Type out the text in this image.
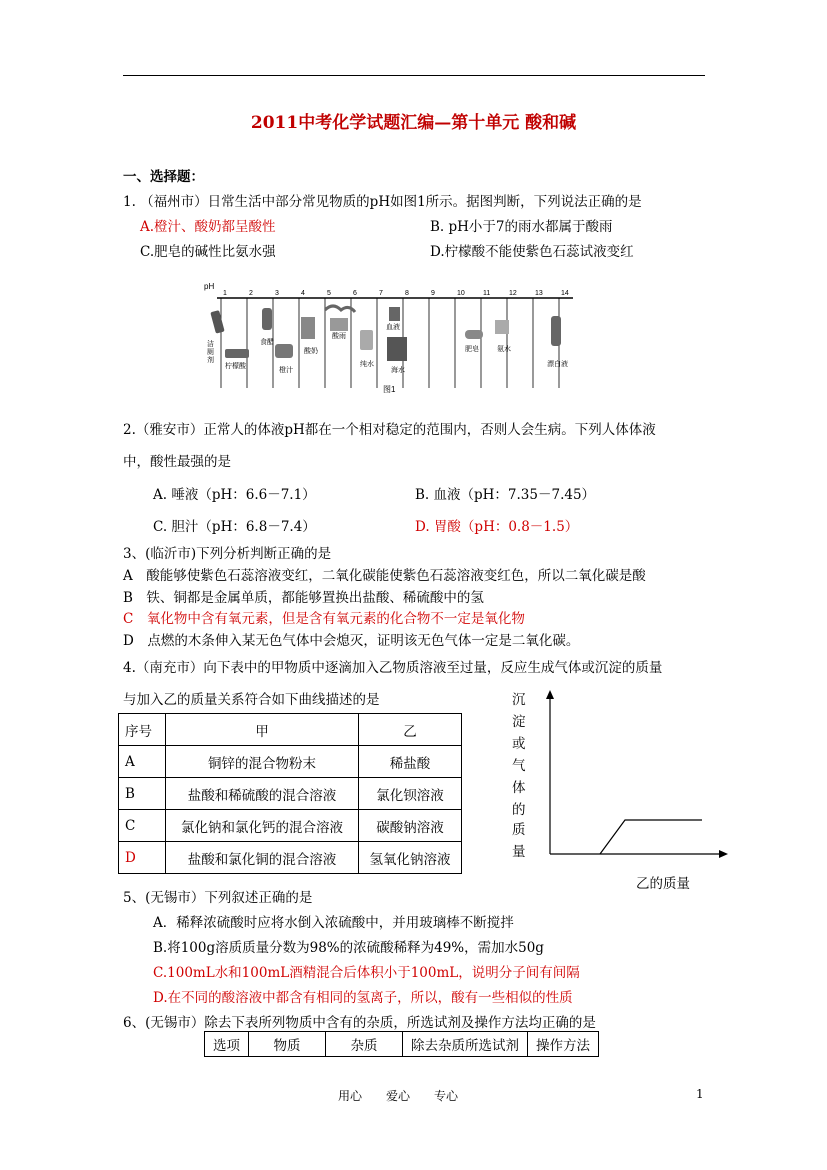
2011中考化学试题汇编—第十单元 酸和碱
一、选择题：
1. （福州市）日常生活中部分常见物质的pH如图1所示。据图判断，下列说法正确的是
A.橙汁、酸奶都呈酸性	B. pH小于7的雨水都属于酸雨
C.肥皂的碱性比氨水强	D.柠檬酸不能使紫色石蕊试液变红
pH
1	2	3	4	5	6	7	8	9	10	11	12	13	14
洁
厕
剂
食醋
酸奶
酸雨
血液
肥皂	氨水
漂白液
柠檬酸
橙汁
纯水
海水
图1
2.（雅安市）正常人的体液pH都在一个相对稳定的范围内，否则人会生病。下列人体体液
中，酸性最强的是
A. 唾液（pH：6.6－7.1）	B. 血液（pH：7.35－7.45）
C. 胆汁（pH：6.8－7.4）	D. 胃酸（pH：0.8－1.5）
3、(临沂市)下列分析判断正确的是
A　酸能够使紫色石蕊溶液变红，二氧化碳能使紫色石蕊溶液变红色，所以二氧化碳是酸
B　铁、铜都是金属单质，都能够置换出盐酸、稀硫酸中的氢
C　氧化物中含有氧元素，但是含有氧元素的化合物不一定是氧化物
D　点燃的木条伸入某无色气体中会熄灭，证明该无色气体一定是二氧化碳。
4.（南充市）向下表中的甲物质中逐滴加入乙物质溶液至过量，反应生成气体或沉淀的质量
与加入乙的质量关系符合如下曲线描述的是
序号	甲	乙
A	铜锌的混合物粉末	稀盐酸
B	盐酸和稀硫酸的混合溶液	氯化钡溶液
C	氯化钠和氯化钙的混合溶液	碳酸钠溶液
D	盐酸和氯化铜的混合溶液	氢氧化钠溶液
沉
淀
或
气
体
的
质
量
乙的质量
5、(无锡市）下列叙述正确的是
A．稀释浓硫酸时应将水倒入浓硫酸中，并用玻璃棒不断搅拌
B.将100g溶质质量分数为98%的浓硫酸稀释为49%，需加水50g
C.100mL水和100mL酒精混合后体积小于100mL，说明分子间有间隔
D.在不同的酸溶液中都含有相同的氢离子，所以，酸有一些相似的性质
6、(无锡市）除去下表所列物质中含有的杂质，所选试剂及操作方法均正确的是
选项	物质	杂质	除去杂质所选试剂	操作方法
用心　　爱心　　专心	1
